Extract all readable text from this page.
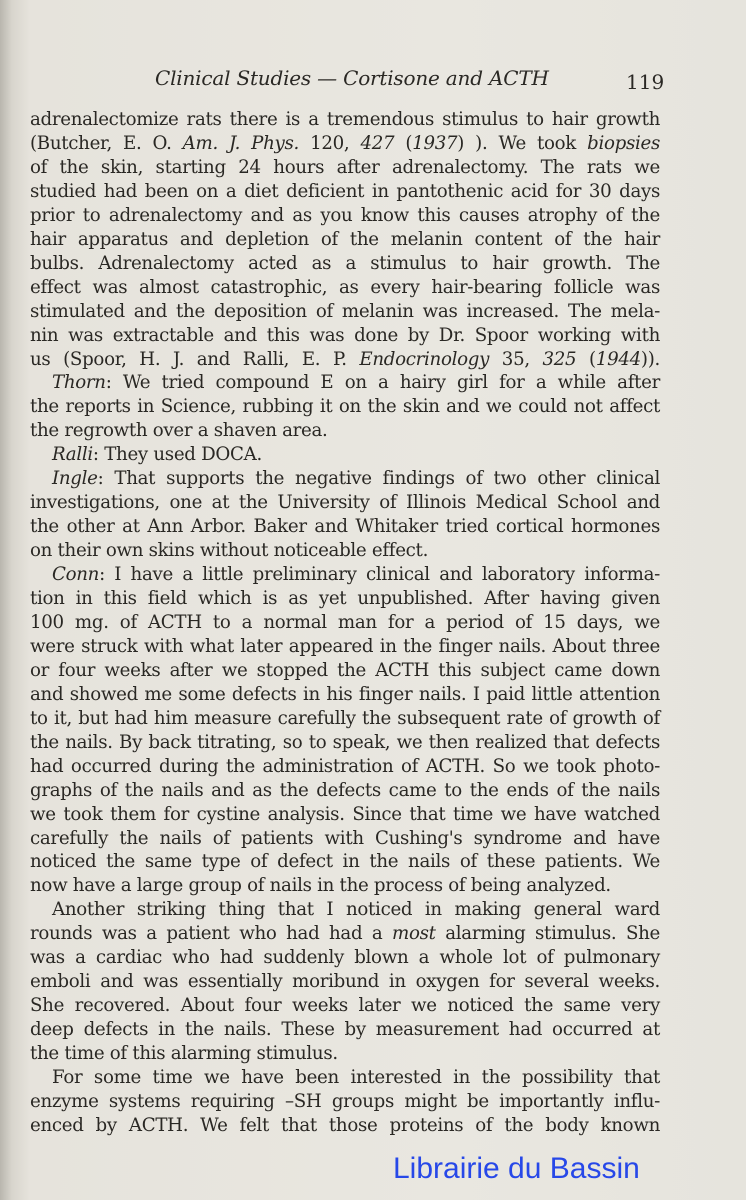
Clinical Studies — Cortisone and ACTH	119
adrenalectomize rats there is a tremendous stimulus to hair growth
(Butcher, E. O. Am. J. Phys. 120, 427 (1937) ). We took biopsies
of the skin, starting 24 hours after adrenalectomy. The rats we
studied had been on a diet deficient in pantothenic acid for 30 days
prior to adrenalectomy and as you know this causes atrophy of the
hair apparatus and depletion of the melanin content of the hair
bulbs. Adrenalectomy acted as a stimulus to hair growth. The
effect was almost catastrophic, as every hair-bearing follicle was
stimulated and the deposition of melanin was increased. The mela-
nin was extractable and this was done by Dr. Spoor working with
us (Spoor, H. J. and Ralli, E. P. Endocrinology 35, 325 (1944)).
Thorn: We tried compound E on a hairy girl for a while after
the reports in Science, rubbing it on the skin and we could not affect
the regrowth over a shaven area.
Ralli: They used DOCA.
Ingle: That supports the negative findings of two other clinical
investigations, one at the University of Illinois Medical School and
the other at Ann Arbor. Baker and Whitaker tried cortical hormones
on their own skins without noticeable effect.
Conn: I have a little preliminary clinical and laboratory informa-
tion in this field which is as yet unpublished. After having given
100 mg. of ACTH to a normal man for a period of 15 days, we
were struck with what later appeared in the finger nails. About three
or four weeks after we stopped the ACTH this subject came down
and showed me some defects in his finger nails. I paid little attention
to it, but had him measure carefully the subsequent rate of growth of
the nails. By back titrating, so to speak, we then realized that defects
had occurred during the administration of ACTH. So we took photo-
graphs of the nails and as the defects came to the ends of the nails
we took them for cystine analysis. Since that time we have watched
carefully the nails of patients with Cushing's syndrome and have
noticed the same type of defect in the nails of these patients. We
now have a large group of nails in the process of being analyzed.
Another striking thing that I noticed in making general ward
rounds was a patient who had had a most alarming stimulus. She
was a cardiac who had suddenly blown a whole lot of pulmonary
emboli and was essentially moribund in oxygen for several weeks.
She recovered. About four weeks later we noticed the same very
deep defects in the nails. These by measurement had occurred at
the time of this alarming stimulus.
For some time we have been interested in the possibility that
enzyme systems requiring –SH groups might be importantly influ-
enced by ACTH. We felt that those proteins of the body known
Librairie du Bassin
